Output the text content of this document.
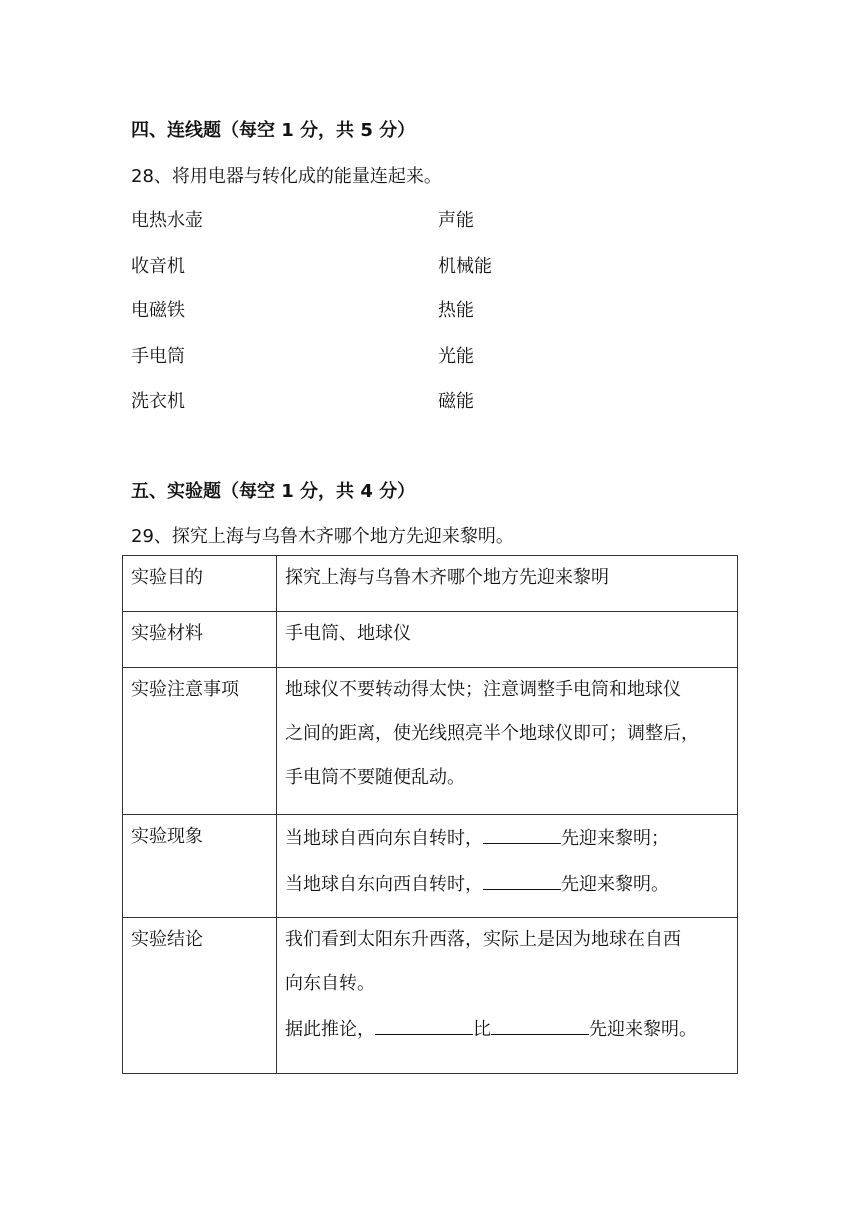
四、连线题（每空 1 分，共 5 分）
28、将用电器与转化成的能量连起来。
电热水壶	声能
收音机	机械能
电磁铁	热能
手电筒	光能
洗衣机	磁能
五、实验题（每空 1 分，共 4 分）
29、探究上海与乌鲁木齐哪个地方先迎来黎明。
实验目的	探究上海与乌鲁木齐哪个地方先迎来黎明
实验材料	手电筒、地球仪
实验注意事项	地球仪不要转动得太快；注意调整手电筒和地球仪
之间的距离，使光线照亮半个地球仪即可；调整后，
手电筒不要随便乱动。

实验现象	当地球自西向东自转时， 先迎来黎明；
当地球自东向西自转时， 先迎来黎明。

实验结论	我们看到太阳东升西落，实际上是因为地球在自西
向东自转。
据此推论， 比 先迎来黎明。
